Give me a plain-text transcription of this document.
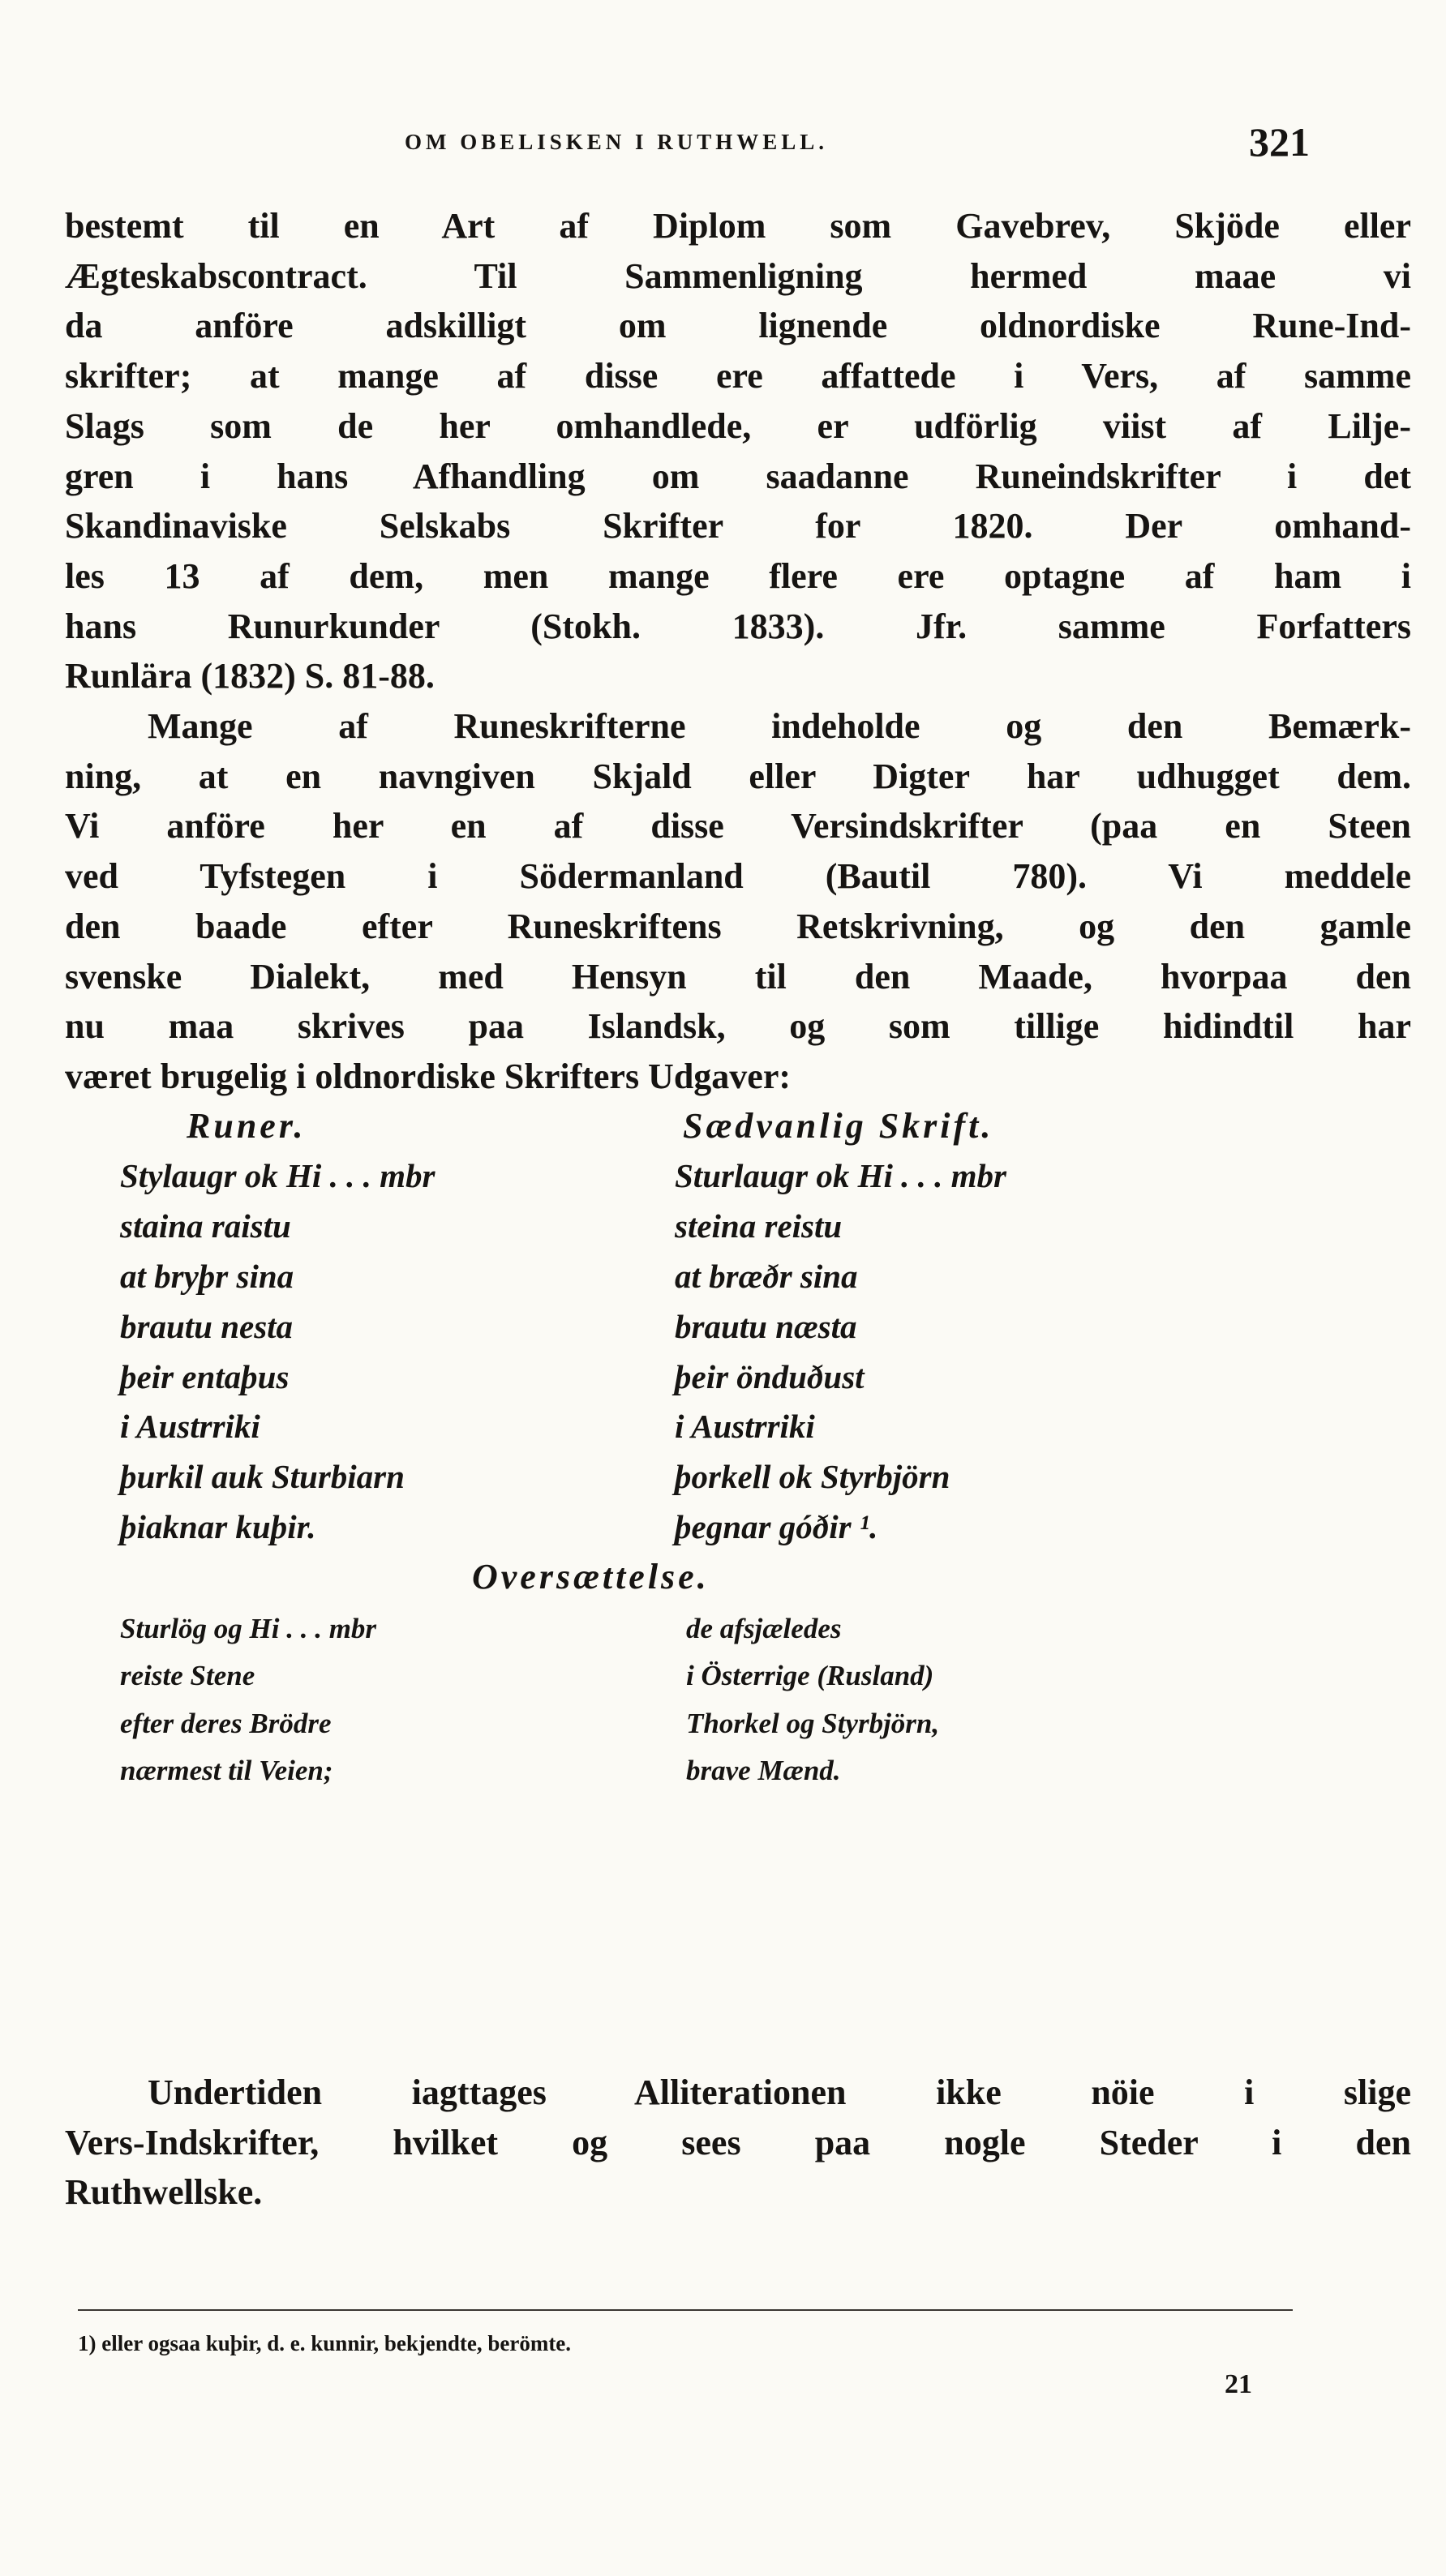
OM OBELISKEN I RUTHWELL.	321
bestemt til en Art af Diplom som Gavebrev, Skjöde eller
Ægteskabscontract. Til Sammenligning hermed maae vi
da anföre adskilligt om lignende oldnordiske Rune-Ind-
skrifter; at mange af disse ere affattede i Vers, af samme
Slags som de her omhandlede, er udförlig viist af Lilje-
gren i hans Afhandling om saadanne Runeindskrifter i det
Skandinaviske Selskabs Skrifter for 1820. Der omhand-
les 13 af dem, men mange flere ere optagne af ham i
hans Runurkunder (Stokh. 1833). Jfr. samme Forfatters
Runlära (1832) S. 81-88.
Mange af Runeskrifterne indeholde og den Bemærk-
ning, at en navngiven Skjald eller Digter har udhugget dem.
Vi anföre her en af disse Versindskrifter (paa en Steen
ved Tyfstegen i Södermanland (Bautil 780). Vi meddele
den baade efter Runeskriftens Retskrivning, og den gamle
svenske Dialekt, med Hensyn til den Maade, hvorpaa den
nu maa skrives paa Islandsk, og som tillige hidindtil har
været brugelig i oldnordiske Skrifters Udgaver:
Runer.
Stylaugr ok Hi . . . mbr
staina raistu
at bryþr sina
brautu nesta
þeir entaþus
i Austrriki
þurkil auk Sturbiarn
þiaknar kuþir.
Sædvanlig Skrift.
Sturlaugr ok Hi . . . mbr
steina reistu
at bræðr sina
brautu næsta
þeir önduðust
i Austrriki
þorkell ok Styrbjörn
þegnar góðir ¹.
Oversættelse.
Sturlög og Hi . . . mbr
reiste Stene
efter deres Brödre
nærmest til Veien;
de afsjæledes
i Österrige (Rusland)
Thorkel og Styrbjörn,
brave Mænd.
Undertiden iagttages Alliterationen ikke nöie i slige
Vers-Indskrifter, hvilket og sees paa nogle Steder i den
Ruthwellske.
1) eller ogsaa kuþir, d. e. kunnir, bekjendte, berömte.
21
